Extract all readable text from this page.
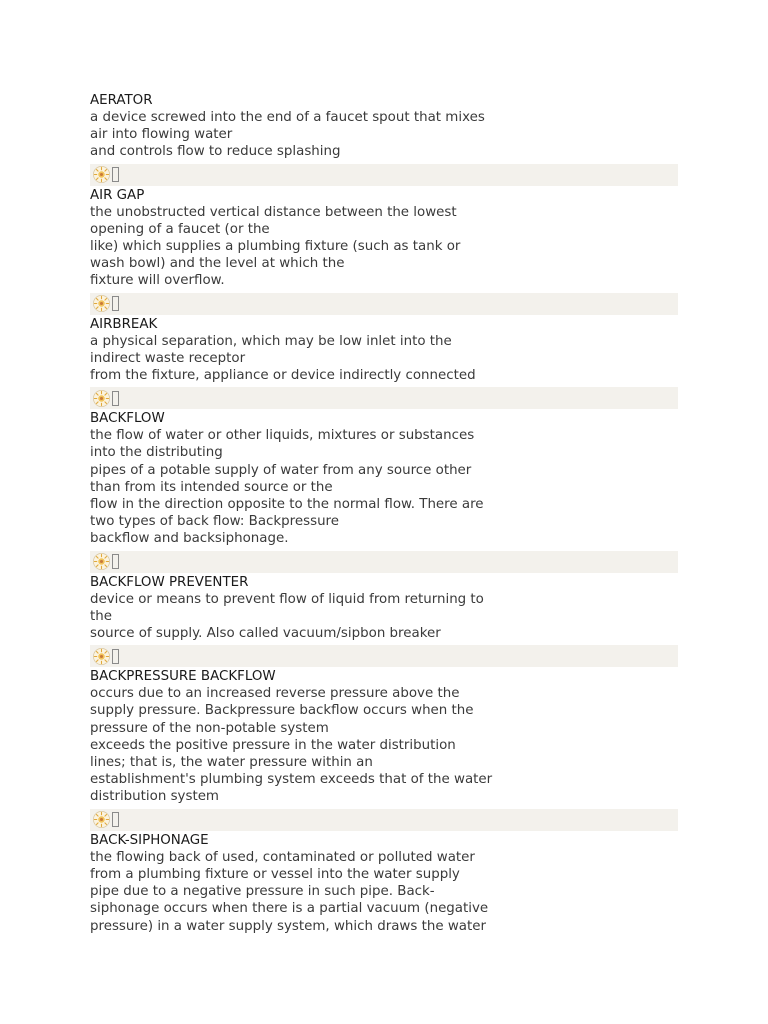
AERATOR
a device screwed into the end of a faucet spout that mixes
air into flowing water
and controls flow to reduce splashing
AIR GAP
the unobstructed vertical distance between the lowest
opening of a faucet (or the
like) which supplies a plumbing fixture (such as tank or
wash bowl) and the level at which the
fixture will overflow.
AIRBREAK
a physical separation, which may be low inlet into the
indirect waste receptor
from the fixture, appliance or device indirectly connected
BACKFLOW
the flow of water or other liquids, mixtures or substances
into the distributing
pipes of a potable supply of water from any source other
than from its intended source or the
flow in the direction opposite to the normal flow. There are
two types of back flow: Backpressure
backflow and backsiphonage.
BACKFLOW PREVENTER
device or means to prevent flow of liquid from returning to
the
source of supply. Also called vacuum/sipbon breaker
BACKPRESSURE BACKFLOW
occurs due to an increased reverse pressure above the
supply pressure. Backpressure backflow occurs when the
pressure of the non-potable system
exceeds the positive pressure in the water distribution
lines; that is, the water pressure within an
establishment's plumbing system exceeds that of the water
distribution system
BACK-SIPHONAGE
the flowing back of used, contaminated or polluted water
from a plumbing fixture or vessel into the water supply
pipe due to a negative pressure in such pipe. Back-
siphonage occurs when there is a partial vacuum (negative
pressure) in a water supply system, which draws the water
